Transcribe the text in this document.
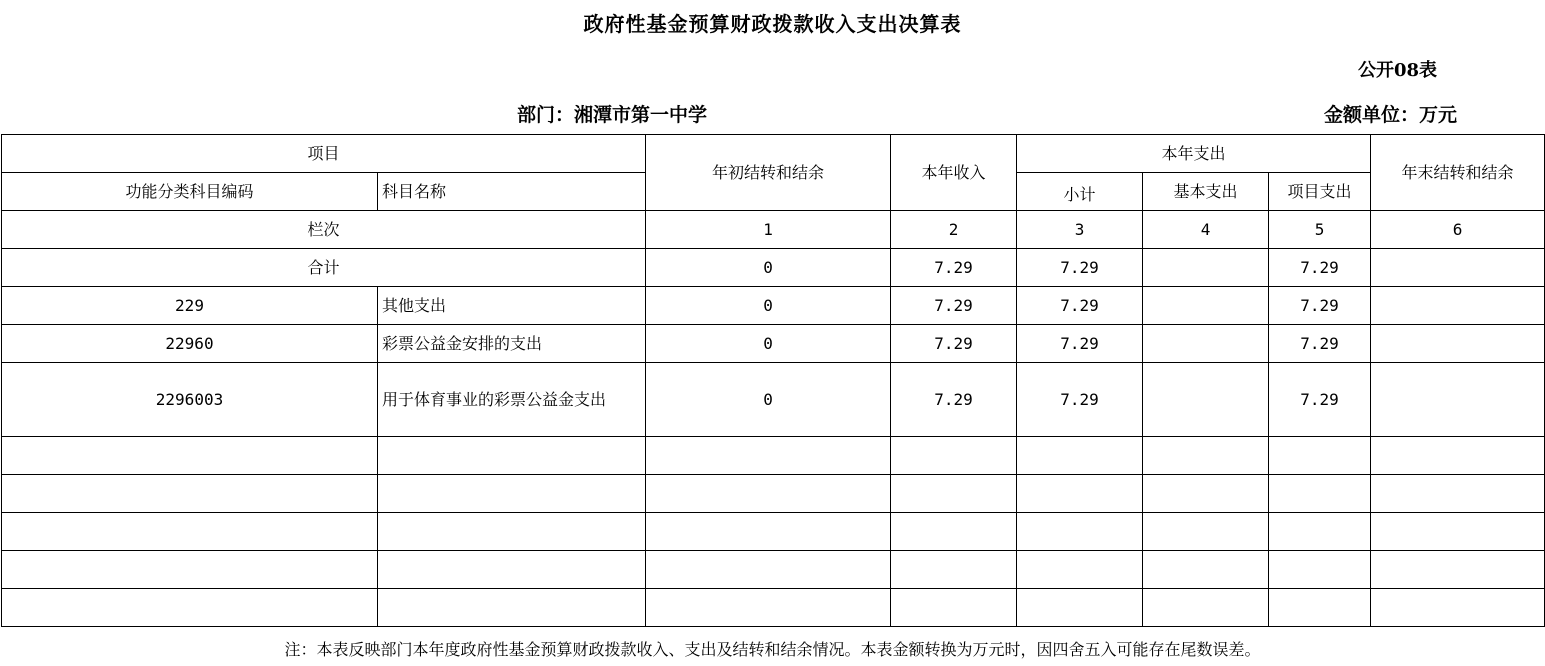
政府性基金预算财政拨款收入支出决算表
公开08表
部门：湘潭市第一中学	金额单位：万元
项目		年初结转和结余	本年收入	本年支出			年末结转和结余
功能分类科目编码	科目名称			小计	基本支出	项目支出	
栏次		1	2	3	4	5	6
合计		0	7.29	7.29		7.29	
229	其他支出	0	7.29	7.29		7.29	
22960	彩票公益金安排的支出	0	7.29	7.29		7.29	
2296003	用于体育事业的彩票公益金支出	0	7.29	7.29		7.29	

注：本表反映部门本年度政府性基金预算财政拨款收入、支出及结转和结余情况。本表金额转换为万元时，因四舍五入可能存在尾数误差。
